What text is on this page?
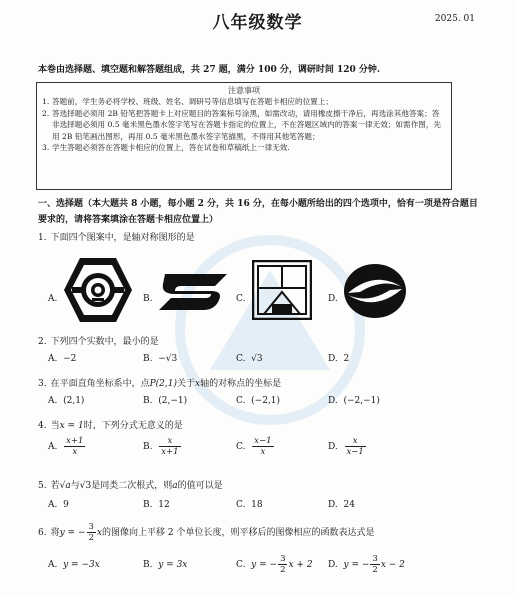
八年级数学	2025. 01
本卷由选择题、填空题和解答题组成，共 27 题，满分 100 分，调研时间 120 分钟.
注意事项
1. 答题前，学生务必将学校、班级、姓名、调研号等信息填写在答题卡相应的位置上；
2. 答选择题必须用 2B 铅笔把答题卡上对应题目的答案标号涂黑，如需改动，请用橡皮擦干净后，再选涂其他答案；答非选择题必须用 0.5 毫米黑色墨水签字笔写在答题卡指定的位置上，不在答题区域内的答案一律无效；如需作图，先用 2B 铅笔画出图形，再用 0.5 毫米黑色墨水签字笔描黑，不得用其他笔答题；
3. 学生答题必须答在答题卡相应的位置上，答在试卷和草稿纸上一律无效.
一、选择题（本大题共 8 小题，每小题 2 分，共 16 分，在每小题所给出的四个选项中，恰有一项是符合题目要求的，请将答案填涂在答题卡相应位置上）
1. 下面四个图案中，是轴对称图形的是
A.	B.	C.	D.
2. 下列四个实数中，最小的是
A. −2	B. −√3	C. √3	D. 2
3. 在平面直角坐标系中，点P(2,1)关于x轴的对称点的坐标是
A. (2,1)	B. (2,−1)	C. (−2,1)	D. (−2,−1)
4. 当x = 1时，下列分式无意义的是
A. $\frac{x+1}{x}$	B. $\frac{x}{x+1}$	C. $\frac{x-1}{x}$	D. $\frac{x}{x-1}$
5. 若√a与√3是同类二次根式，则a的值可以是
A. 9	B. 12	C. 18	D. 24
6. 将y = − $\frac{3}{2}$ x的图像向上平移 2 个单位长度，则平移后的图像相应的函数表达式是
A. y = −3x	B. y = 3x	C. y = − $\frac{3}{2}$ x + 2 D. y = − $\frac{3}{2}$ x − 2
